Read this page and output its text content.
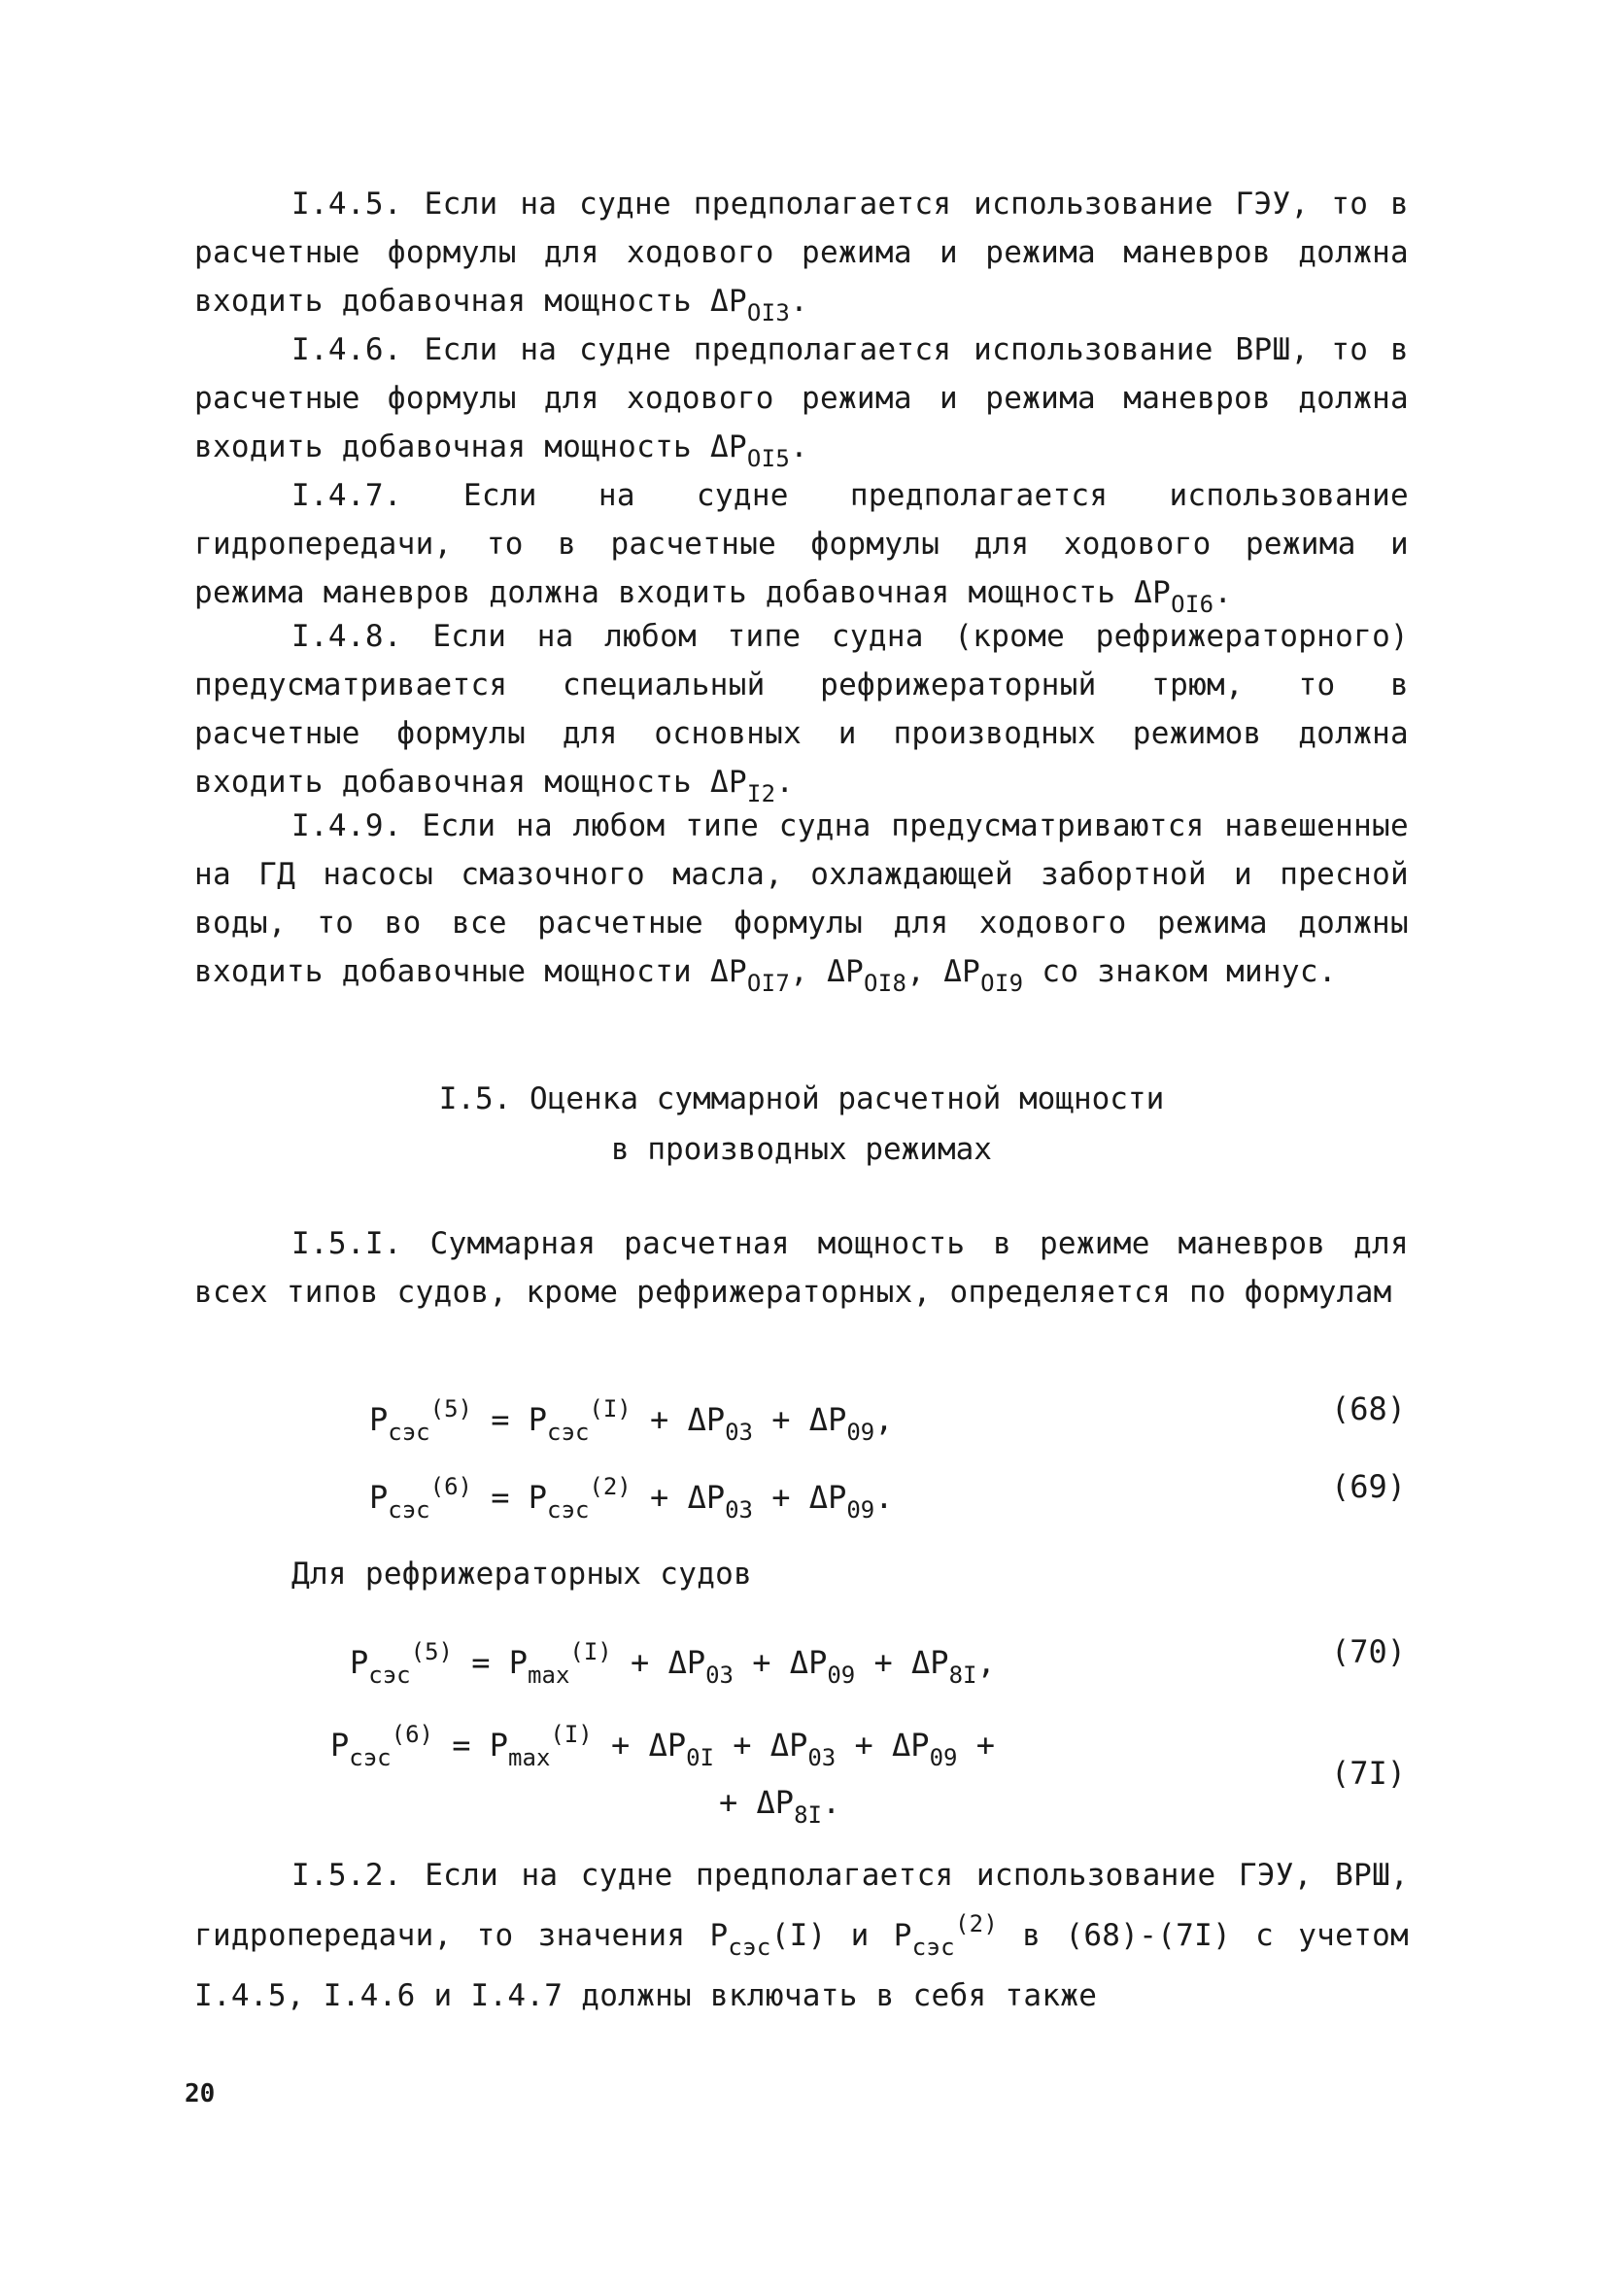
I.4.5. Если на судне предполагается использование ГЭУ, то в расчетные формулы для ходового режима и режима маневров должна входить добавочная мощность $\Delta P_{OI3}$.
I.4.6. Если на судне предполагается использование ВРШ, то в расчетные формулы для ходового режима и режима маневров должна входить добавочная мощность $\Delta P_{OI5}$.
I.4.7. Если на судне предполагается использование гидропередачи, то в расчетные формулы для ходового режима и режима маневров должна входить добавочная мощность $\Delta P_{OI6}$.
I.4.8. Если на любом типе судна (кроме рефрижераторного) предусматривается специальный рефрижераторный трюм, то в расчетные формулы для основных и производных режимов должна входить добавочная мощность $\Delta P_{I2}$.
I.4.9. Если на любом типе судна предусматриваются навешенные на ГД насосы смазочного масла, охлаждающей забортной и пресной воды, то во все расчетные формулы для ходового режима должны входить добавочные мощности $\Delta P_{OI7}$, $\Delta P_{OI8}$, $\Delta P_{OI9}$ со знаком минус.
I.5. Оценка суммарной расчетной мощности
в производных режимах
I.5.I. Суммарная расчетная мощность в режиме маневров для всех типов судов, кроме рефрижераторных, определяется по формулам
$P_{сэс}^{(5)} = P_{сэс}^{(I)} + \Delta P_{03} + \Delta P_{09}$,	(68)
$P_{сэс}^{(6)} = P_{сэс}^{(2)} + \Delta P_{03} + \Delta P_{09}$.	(69)
Для рефрижераторных судов
$P_{сэс}^{(5)} = P_{max}^{(I)} + \Delta P_{03} + \Delta P_{09} + \Delta P_{8I}$,	(70)
$P_{сэс}^{(6)} = P_{max}^{(I)} + \Delta P_{0I} + \Delta P_{03} + \Delta P_{09}$ +
+ $\Delta P_{8I}$.
(7I)
I.5.2. Если на судне предполагается использование ГЭУ, ВРШ, гидропередачи, то значения $P_{сэс}(I)$ и $P_{сэс}^{(2)}$ в (68)-(7I) с учетом I.4.5, I.4.6 и I.4.7 должны включать в себя также
20
